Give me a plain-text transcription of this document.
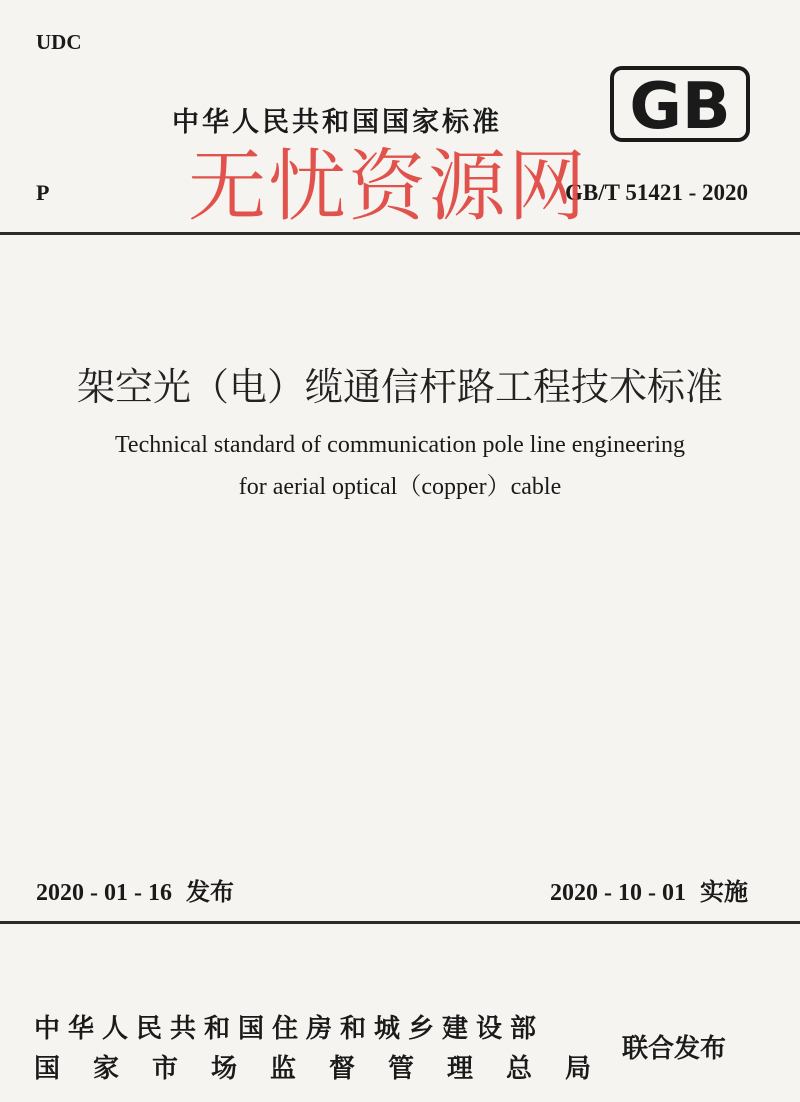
UDC
中华人民共和国国家标准 GB
P	GB/T 51421 - 2020
无忧资源网
架空光（电）缆通信杆路工程技术标准
Technical standard of communication pole line engineering
for aerial optical（copper）cable
2020 - 01 - 16 发布	2020 - 10 - 01 实施
中华人民共和国住房和城乡建设部
国家市场监督管理总局
联合发布
